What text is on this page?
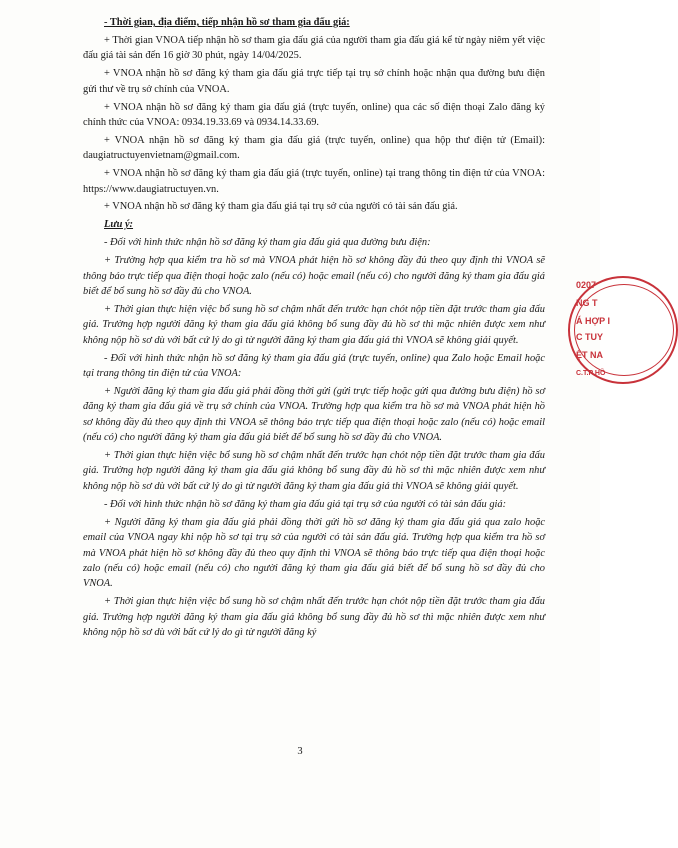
- Thời gian, địa điểm, tiếp nhận hồ sơ tham gia đấu giá:

+ Thời gian VNOA tiếp nhận hồ sơ tham gia đấu giá của người tham gia đấu giá kể từ ngày niêm yết việc đấu giá tài sản đến 16 giờ 30 phút, ngày 14/04/2025.

+ VNOA nhận hồ sơ đăng ký tham gia đấu giá trực tiếp tại trụ sở chính hoặc nhận qua đường bưu điện gửi thư về trụ sở chính của VNOA.

+ VNOA nhận hồ sơ đăng ký tham gia đấu giá (trực tuyến, online) qua các số điện thoại Zalo đăng ký chính thức của VNOA: 0934.19.33.69 và 0934.14.33.69.

+ VNOA nhận hồ sơ đăng ký tham gia đấu giá (trực tuyến, online) qua hộp thư điện tử (Email): daugiatructuyenvietnam@gmail.com.

+ VNOA nhận hồ sơ đăng ký tham gia đấu giá (trực tuyến, online) tại trang thông tin điện tử của VNOA: https://www.daugiatructuyen.vn.

+ VNOA nhận hồ sơ đăng ký tham gia đấu giá tại trụ sở của người có tài sản đấu giá.

Lưu ý:

- Đối với hình thức nhận hồ sơ đăng ký tham gia đấu giá qua đường bưu điện:

+ Trường hợp qua kiểm tra hồ sơ mà VNOA phát hiện hồ sơ không đầy đủ theo quy định thì VNOA sẽ thông báo trực tiếp qua điện thoại hoặc zalo (nếu có) hoặc email (nếu có) cho người đăng ký tham gia đấu giá biết để bổ sung hồ sơ đầy đủ cho VNOA.

+ Thời gian thực hiện việc bổ sung hồ sơ chậm nhất đến trước hạn chót nộp tiền đặt trước tham gia đấu giá. Trường hợp người đăng ký tham gia đấu giá không bổ sung đầy đủ hồ sơ thì mặc nhiên được xem như không nộp hồ sơ dù với bất cứ lý do gì từ người đăng ký tham gia đấu giá thì VNOA sẽ không giải quyết.

- Đối với hình thức nhận hồ sơ đăng ký tham gia đấu giá (trực tuyến, online) qua Zalo hoặc Email hoặc tại trang thông tin điện tử của VNOA:

+ Người đăng ký tham gia đấu giá phải đồng thời gửi (gửi trực tiếp hoặc gửi qua đường bưu điện) hồ sơ đăng ký tham gia đấu giá về trụ sở chính của VNOA. Trường hợp qua kiểm tra hồ sơ mà VNOA phát hiện hồ sơ không đầy đủ theo quy định thì VNOA sẽ thông báo trực tiếp qua điện thoại hoặc zalo (nếu có) hoặc email (nếu có) cho người đăng ký tham gia đấu giá biết để bổ sung hồ sơ đầy đủ cho VNOA.

+ Thời gian thực hiện việc bổ sung hồ sơ chậm nhất đến trước hạn chót nộp tiền đặt trước tham gia đấu giá. Trường hợp người đăng ký tham gia đấu giá không bổ sung đầy đủ hồ sơ thì mặc nhiên được xem như không nộp hồ sơ dù với bất cứ lý do gì từ người đăng ký tham gia đấu giá thì VNOA sẽ không giải quyết.

- Đối với hình thức nhận hồ sơ đăng ký tham gia đấu giá tại trụ sở của người có tài sản đấu giá:

+ Người đăng ký tham gia đấu giá phải đồng thời gửi hồ sơ đăng ký tham gia đấu giá qua zalo hoặc email của VNOA ngay khi nộp hồ sơ tại trụ sở của người có tài sản đấu giá. Trường hợp qua kiểm tra hồ sơ mà VNOA phát hiện hồ sơ không đầy đủ theo quy định thì VNOA sẽ thông báo trực tiếp qua điện thoại hoặc zalo (nếu có) hoặc email (nếu có) cho người đăng ký tham gia đấu giá biết để bổ sung hồ sơ đầy đủ cho VNOA.

+ Thời gian thực hiện việc bổ sung hồ sơ chậm nhất đến trước hạn chót nộp tiền đặt trước tham gia đấu giá. Trường hợp người đăng ký tham gia đấu giá không bổ sung đầy đủ hồ sơ thì mặc nhiên được xem như không nộp hồ sơ dù với bất cứ lý do gì từ người đăng ký

3
0207
NG T
Á HỢP I
C TUY
ỆT NA
C.T.P HỒ
